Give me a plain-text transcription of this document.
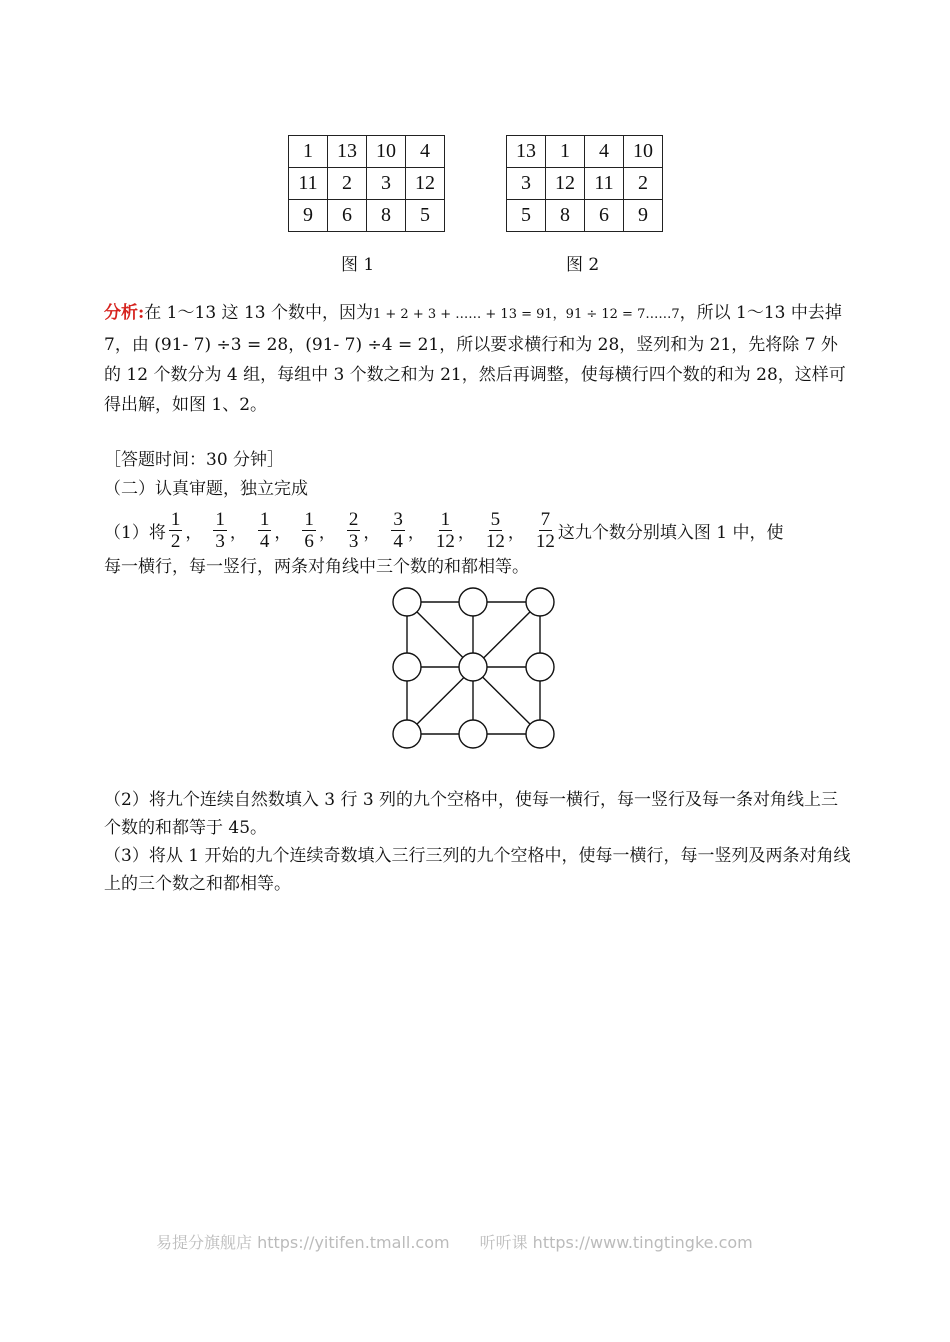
1	13	10	4
11	2	3	12
9	6	8	5
13	1	4	10
3	12	11	2
5	8	6	9
图 1	图 2
分析:在 1～13 这 13 个数中，因为1 + 2 + 3 + …… + 13 = 91，91 ÷ 12 = 7……7，所以 1～13 中去掉 7，由 (91- 7) ÷3 = 28，(91- 7) ÷4 = 21，所以要求横行和为 28，竖列和为 21，先将除 7 外的 12 个数分为 4 组，每组中 3 个数之和为 21，然后再调整，使每横行四个数的和为 28，这样可得出解，如图 1、2。
［答题时间：30 分钟］
（二）认真审题，独立完成
（1）将 $\frac{1}{2}$ ， $\frac{1}{3}$ ， $\frac{1}{4}$ ， $\frac{1}{6}$ ， $\frac{2}{3}$ ， $\frac{3}{4}$ ， $\frac{1}{12}$ ， $\frac{5}{12}$ ， $\frac{7}{12}$ 这九个数分别填入图 1 中，使
每一横行，每一竖行，两条对角线中三个数的和都相等。
（2）将九个连续自然数填入 3 行 3 列的九个空格中，使每一横行，每一竖行及每一条对角线上三个数的和都等于 45。
（3）将从 1 开始的九个连续奇数填入三行三列的九个空格中，使每一横行，每一竖列及两条对角线上的三个数之和都相等。
易提分旗舰店 https://yitifen.tmall.com 听听课 https://www.tingtingke.com
